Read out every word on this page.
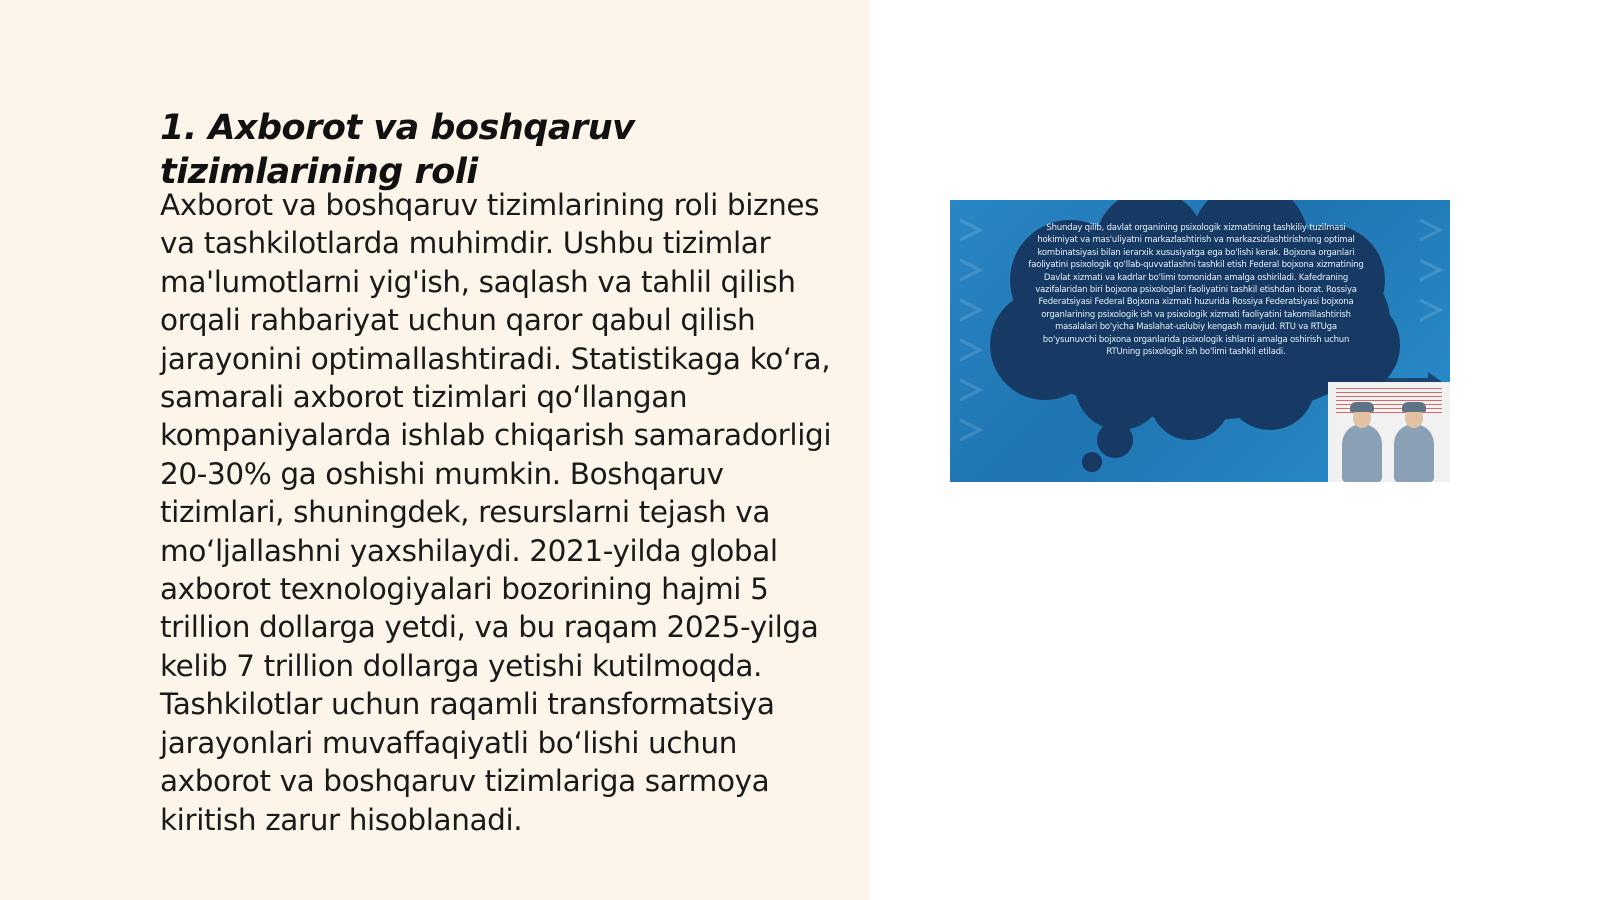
1. Axborot va boshqaruv tizimlarining roli

Axborot va boshqaruv tizimlarining roli biznes va tashkilotlarda muhimdir. Ushbu tizimlar ma'lumotlarni yig'ish, saqlash va tahlil qilish orqali rahbariyat uchun qaror qabul qilish jarayonini optimallashtiradi. Statistikaga ko‘ra, samarali axborot tizimlari qo‘llangan kompaniyalarda ishlab chiqarish samaradorligi 20-30% ga oshishi mumkin. Boshqaruv tizimlari, shuningdek, resurslarni tejash va mo‘ljallashni yaxshilaydi. 2021-yilda global axborot texnologiyalari bozorining hajmi 5 trillion dollarga yetdi, va bu raqam 2025-yilga kelib 7 trillion dollarga yetishi kutilmoqda. Tashkilotlar uchun raqamli transformatsiya jarayonlari muvaffaqiyatli bo‘lishi uchun axborot va boshqaruv tizimlariga sarmoya kiritish zarur hisoblanadi.

Shunday qilib, davlat organining psixologik xizmatining tashkiliy tuzilmasi hokimiyat va mas'uliyatni markazlashtirish va markazsizlashtirishning optimal kombinatsiyasi bilan ierarxik xususiyatga ega bo'lishi kerak. Bojxona organlari faoliyatini psixologik qo'llab-quvvatlashni tashkil etish Federal bojxona xizmatining Davlat xizmati va kadrlar bo'limi tomonidan amalga oshiriladi. Kafedraning vazifalaridan biri bojxona psixologlari faoliyatini tashkil etishdan iborat. Rossiya Federatsiyasi Federal Bojxona xizmati huzurida Rossiya Federatsiyasi bojxona organlarining psixologik ish va psixologik xizmati faoliyatini takomillashtirish masalalari bo'yicha Maslahat-uslubiy kengash mavjud. RTU va RTUga bo'ysunuvchi bojxona organlarida psixologik ishlarni amalga oshirish uchun RTUning psixologik ish bo'limi tashkil etiladi.
